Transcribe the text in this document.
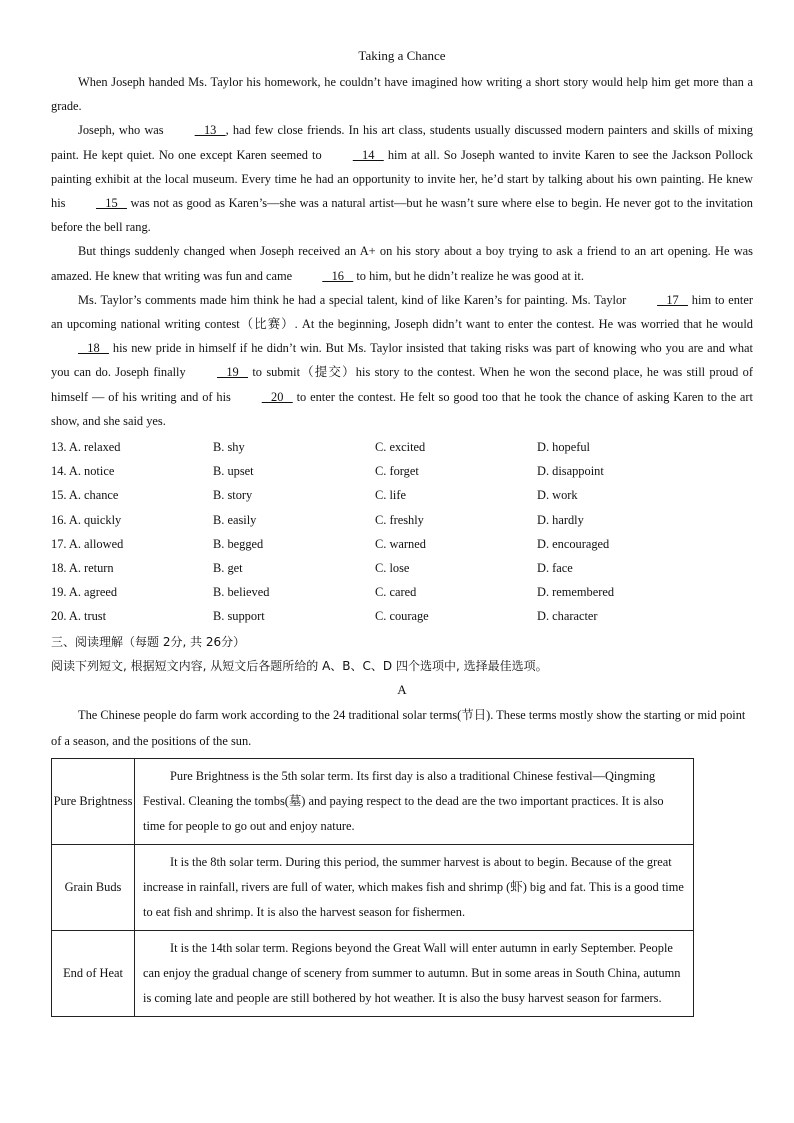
Taking a Chance

When Joseph handed Ms. Taylor his homework, he couldn’t have imagined how writing a short story would help him get more than a grade.

Joseph, who was    13   , had few close friends. In his art class, students usually discussed modern painters and skills of mixing paint. He kept quiet. No one except Karen seemed to    14    him at all. So Joseph wanted to invite Karen to see the Jackson Pollock painting exhibit at the local museum. Every time he had an opportunity to invite her, he’d start by talking about his own painting. He knew his    15    was not as good as Karen’s—she was a natural artist—but he wasn’t sure where else to begin. He never got to the invitation before the bell rang.

But things suddenly changed when Joseph received an A+ on his story about a boy trying to ask a friend to an art opening. He was amazed. He knew that writing was fun and came    16    to him, but he didn’t realize he was good at it.

Ms. Taylor’s comments made him think he had a special talent, kind of like Karen’s for painting. Ms. Taylor    17    him to enter an upcoming national writing contest（比赛）. At the beginning, Joseph didn’t want to enter the contest. He was worried that he would    18    his new pride in himself if he didn’t win. But Ms. Taylor insisted that taking risks was part of knowing who you are and what you can do. Joseph finally    19    to submit（提交）his story to the contest. When he won the second place, he was still proud of himself — of his writing and of his    20    to enter the contest. He felt so good too that he took the chance of asking Karen to the art show, and she said yes.

13. A. relaxed	B. shy	C. excited	D. hopeful
14. A. notice	B. upset	C. forget	D. disappoint
15. A. chance	B. story	C. life	D. work
16. A. quickly	B. easily	C. freshly	D. hardly
17. A. allowed	B. begged	C. warned	D. encouraged
18. A. return	B. get	C. lose	D. face
19. A. agreed	B. believed	C. cared	D. remembered
20. A. trust	B. support	C. courage	D. character
三、阅读理解（每题 2分, 共 26分）
阅读下列短文, 根据短文内容, 从短文后各题所给的 A、B、C、D 四个选项中, 选择最佳选项。
A

The Chinese people do farm work according to the 24 traditional solar terms(节日). These terms mostly show the starting or mid point of a season, and the positions of the sun.

Pure Brightness	Pure Brightness is the 5th solar term. Its first day is also a traditional Chinese festival—Qingming Festival. Cleaning the tombs(墓) and paying respect to the dead are the two important practices. It is also time for people to go out and enjoy nature.
Grain Buds	It is the 8th solar term. During this period, the summer harvest is about to begin. Because of the great increase in rainfall, rivers are full of water, which makes fish and shrimp (虾) big and fat. This is a good time to eat fish and shrimp. It is also the harvest season for fishermen.
End of Heat	It is the 14th solar term. Regions beyond the Great Wall will enter autumn in early September. People can enjoy the gradual change of scenery from summer to autumn. But in some areas in South China, autumn is coming late and people are still bothered by hot weather. It is also the busy harvest season for farmers.
